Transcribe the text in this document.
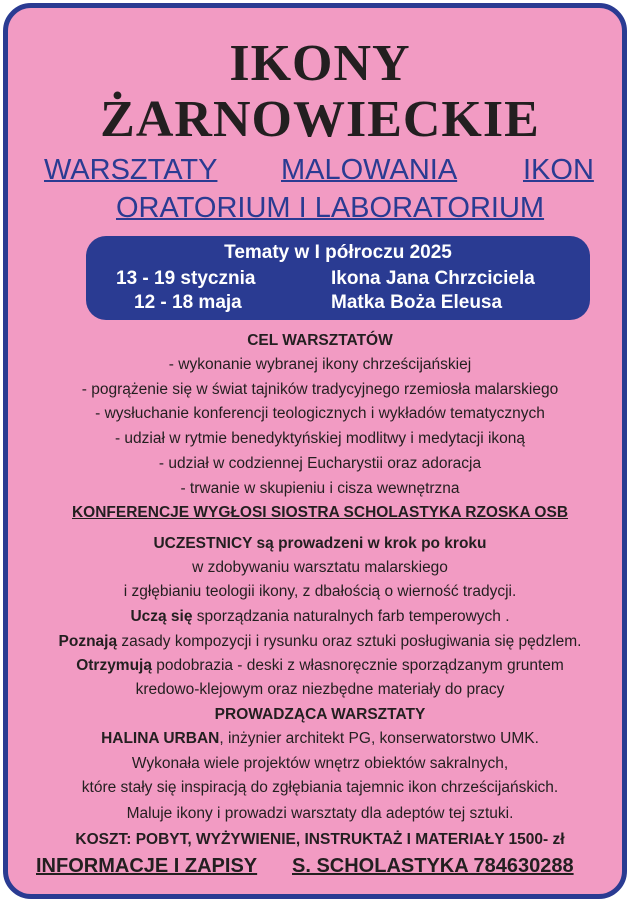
IKONY
ŻARNOWIECKIE
WARSZTATY MALOWANIA IKON
ORATORIUM I LABORATORIUM
Tematy w I półroczu 2025
13 - 19 stycznia	Ikona Jana Chrzciciela
12 - 18 maja	Matka Boża Eleusa
CEL WARSZTATÓW
- wykonanie wybranej ikony chrześcijańskiej
- pogrążenie się w świat tajników tradycyjnego rzemiosła malarskiego
- wysłuchanie konferencji teologicznych i wykładów tematycznych
- udział w rytmie benedyktyńskiej modlitwy i medytacji ikoną
- udział w codziennej Eucharystii oraz adoracja
- trwanie w skupieniu i cisza wewnętrzna
KONFERENCJE WYGŁOSI SIOSTRA SCHOLASTYKA RZOSKA OSB
UCZESTNICY są prowadzeni w krok po kroku
w zdobywaniu warsztatu malarskiego
i zgłębianiu teologii ikony, z dbałością o wierność tradycji.
Uczą się sporządzania naturalnych farb temperowych .
Poznają zasady kompozycji i rysunku oraz sztuki posługiwania się pędzlem.
Otrzymują podobrazia - deski z własnoręcznie sporządzanym gruntem
kredowo-klejowym oraz niezbędne materiały do pracy
PROWADZĄCA WARSZTATY
HALINA URBAN, inżynier architekt PG, konserwatorstwo UMK.
Wykonała wiele projektów wnętrz obiektów sakralnych,
które stały się inspiracją do zgłębiania tajemnic ikon chrześcijańskich.
Maluje ikony i prowadzi warsztaty dla adeptów tej sztuki.
KOSZT: POBYT, WYŻYWIENIE, INSTRUKTAŻ I MATERIAŁY 1500- zł
INFORMACJE I ZAPISY S. SCHOLASTYKA 784630288
